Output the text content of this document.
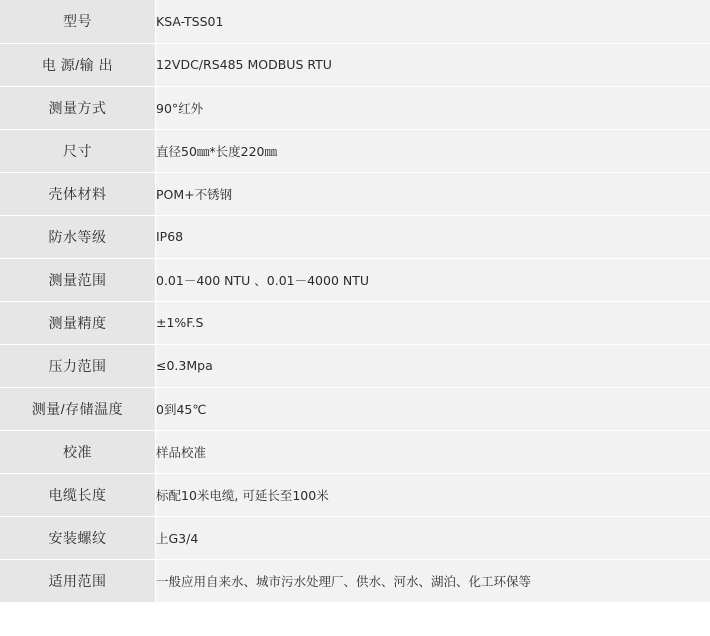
型号	KSA-TSS01
电 源/输 出	12VDC/RS485 MODBUS RTU
测量方式	90°红外
尺寸	直径50㎜*长度220㎜
壳体材料	POM+不锈钢
防水等级	IP68
测量范围	0.01－400 NTU 、0.01－4000 NTU
测量精度	±1%F.S
压力范围	≤0.3Mpa
测量/存储温度	0到45℃
校准	样品校准
电缆长度	标配10米电缆, 可延长至100米
安装螺纹	上G3/4
适用范围	一般应用自来水、城市污水处理厂、供水、河水、湖泊、化工环保等
